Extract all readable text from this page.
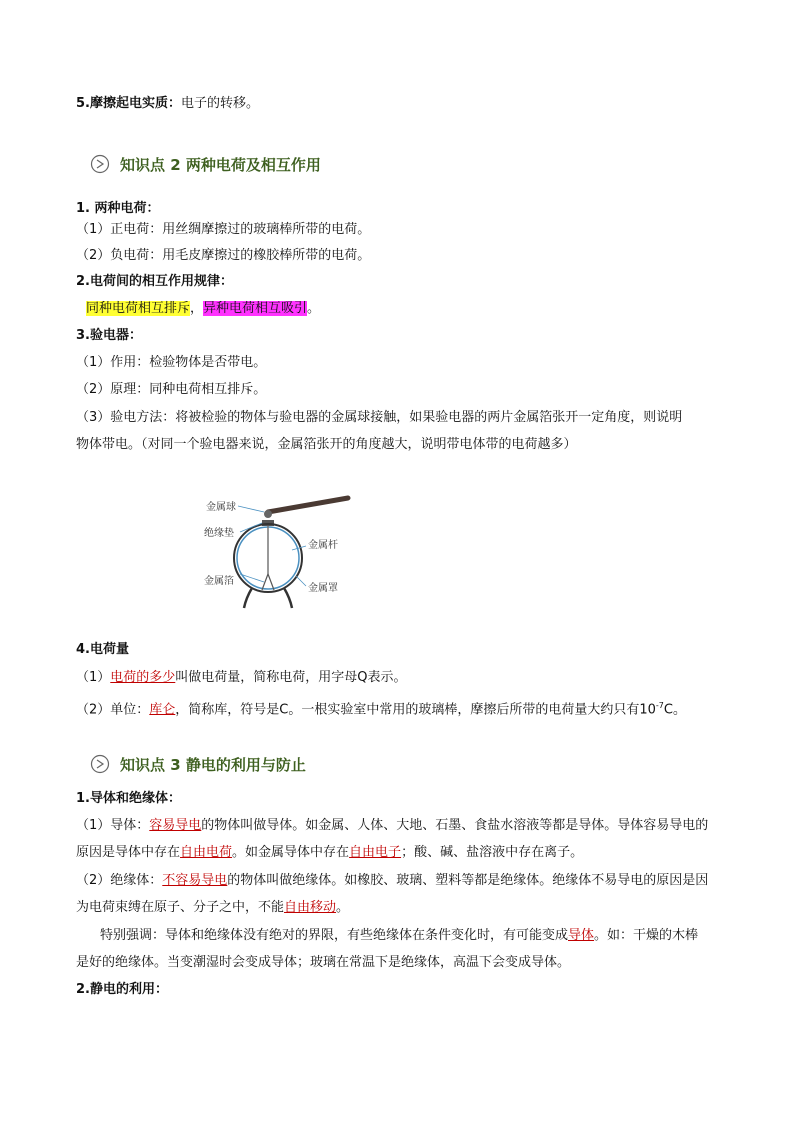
5.摩擦起电实质：电子的转移。
知识点 2 两种电荷及相互作用
1. 两种电荷：
（1）正电荷：用丝绸摩擦过的玻璃棒所带的电荷。
（2）负电荷：用毛皮摩擦过的橡胶棒所带的电荷。
2.电荷间的相互作用规律：
同种电荷相互排斥，异种电荷相互吸引。
3.验电器：
（1）作用：检验物体是否带电。
（2）原理：同种电荷相互排斥。
（3）验电方法：将被检验的物体与验电器的金属球接触，如果验电器的两片金属箔张开一定角度，则说明
物体带电。（对同一个验电器来说，金属箔张开的角度越大，说明带电体带的电荷越多）
金属球
绝缘垫
金属杆
金属箔
金属罩
4.电荷量
（1）电荷的多少叫做电荷量，简称电荷，用字母Q表示。
（2）单位：库仑，简称库，符号是C。一根实验室中常用的玻璃棒，摩擦后所带的电荷量大约只有$10^{-7}C$。
知识点 3 静电的利用与防止
1.导体和绝缘体：
（1）导体：容易导电的物体叫做导体。如金属、人体、大地、石墨、食盐水溶液等都是导体。导体容易导电的
原因是导体中存在自由电荷。如金属导体中存在自由电子；酸、碱、盐溶液中存在离子。
（2）绝缘体：不容易导电的物体叫做绝缘体。如橡胶、玻璃、塑料等都是绝缘体。绝缘体不易导电的原因是因
为电荷束缚在原子、分子之中，不能自由移动。
特别强调：导体和绝缘体没有绝对的界限，有些绝缘体在条件变化时，有可能变成导体。如：干燥的木棒
是好的绝缘体。当变潮湿时会变成导体；玻璃在常温下是绝缘体，高温下会变成导体。
2.静电的利用：
